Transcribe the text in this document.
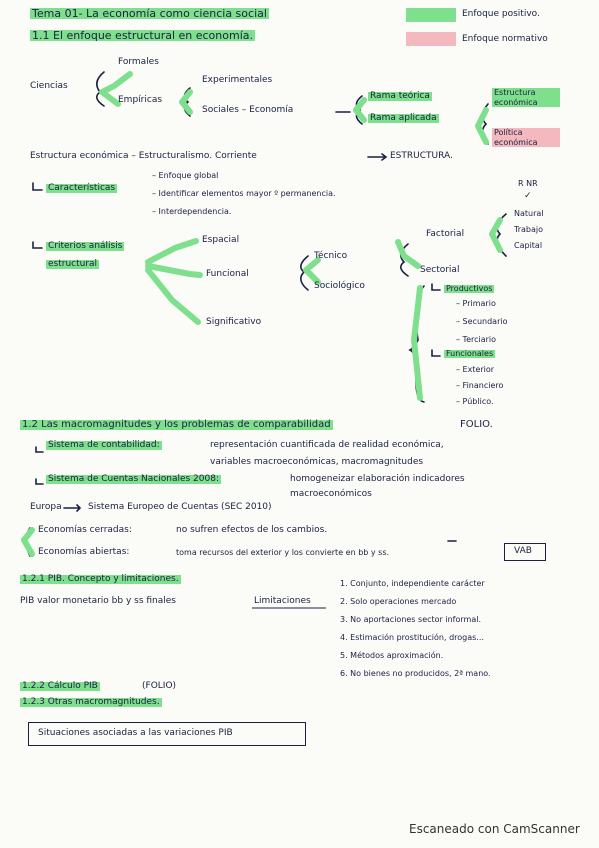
Tema 01- La economía como ciencia social	Enfoque positivo.
Enfoque normativo
1.1 El enfoque estructural en economía.
Ciencias
Formales
Empíricas
Experimentales
Sociales – Economía
Rama teórica
Rama aplicada
Estructura económica
Política económica
Estructura económica – Estructuralismo. Corriente	ESTRUCTURA.
Características
– Enfoque global
– Identificar elementos mayor º permanencia.
– Interdependencia.
R NR
✓
Natural
Trabajo
Capital
Factorial
Criterios análisis
estructural
Espacial
Funcional
Significativo
Técnico
Sociológico
Sectorial
Productivos
– Primario
– Secundario
– Terciario
Funcionales
– Exterior
– Financiero
– Público.
1.2 Las macromagnitudes y los problemas de comparabilidad	FOLIO.
Sistema de contabilidad:	representación cuantificada de realidad económica,
variables macroeconómicas, macromagnitudes
Sistema de Cuentas Nacionales 2008:	homogeneizar elaboración indicadores
macroeconómicos
Europa	Sistema Europeo de Cuentas (SEC 2010)
Economías cerradas:	no sufren efectos de los cambios.
Economías abiertas:	toma recursos del exterior y los convierte en bb y ss.	VAB
1.2.1 PIB. Concepto y limitaciones.
PIB valor monetario bb y ss finales	Limitaciones
1. Conjunto, independiente carácter
2. Solo operaciones mercado
3. No aportaciones sector informal.
4. Estimación prostitución, drogas...
5. Métodos aproximación.
6. No bienes no producidos, 2ª mano.
1.2.2 Cálculo PIB	(FOLIO)
1.2.3 Otras macromagnitudes.
Situaciones asociadas a las variaciones PIB
Escaneado con CamScanner
